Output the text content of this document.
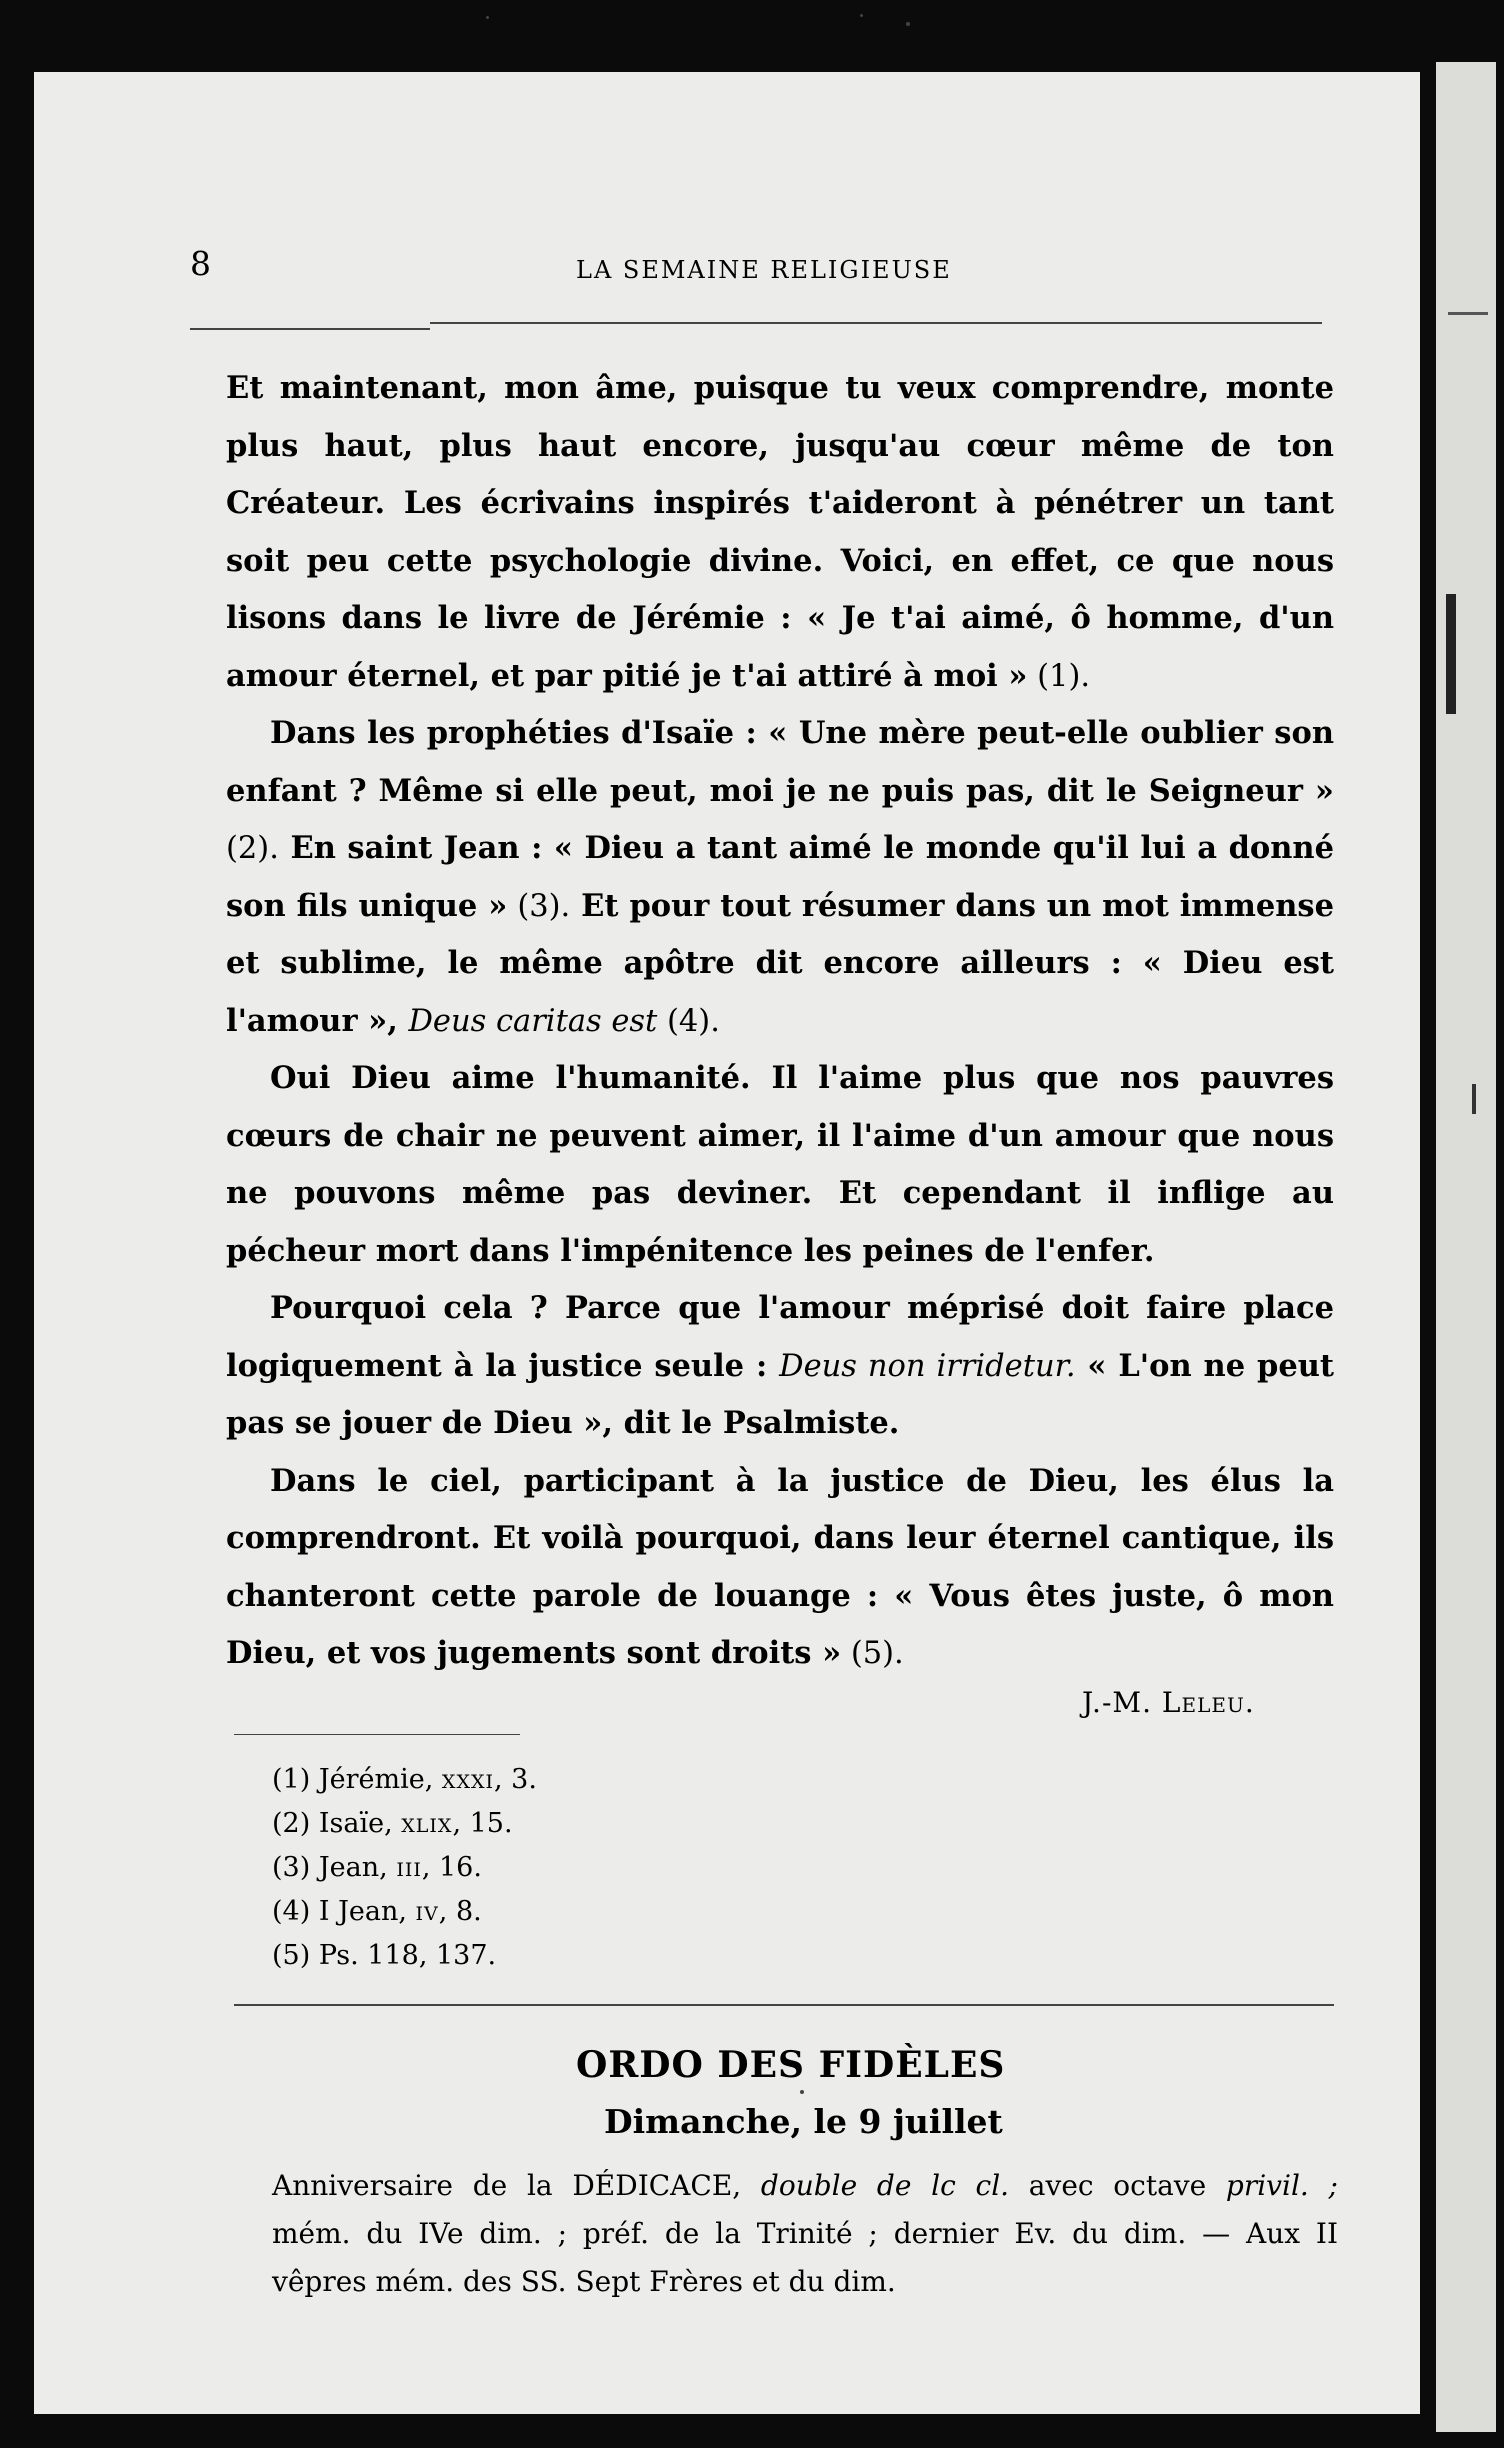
8	LA SEMAINE RELIGIEUSE

Et maintenant, mon âme, puisque tu veux comprendre, monte plus haut, plus haut encore, jusqu'au cœur même de ton Créateur. Les écrivains inspirés t'aideront à pénétrer un tant soit peu cette psychologie divine. Voici, en effet, ce que nous lisons dans le livre de Jérémie : « Je t'ai aimé, ô homme, d'un amour éternel, et par pitié je t'ai attiré à moi » (1).

Dans les prophéties d'Isaïe : « Une mère peut-elle oublier son enfant ? Même si elle peut, moi je ne puis pas, dit le Seigneur » (2). En saint Jean : « Dieu a tant aimé le monde qu'il lui a donné son fils unique » (3). Et pour tout résumer dans un mot immense et sublime, le même apôtre dit encore ailleurs : « Dieu est l'amour », Deus caritas est (4).

Oui Dieu aime l'humanité. Il l'aime plus que nos pauvres cœurs de chair ne peuvent aimer, il l'aime d'un amour que nous ne pouvons même pas deviner. Et cependant il inflige au pécheur mort dans l'impénitence les peines de l'enfer.

Pourquoi cela ? Parce que l'amour méprisé doit faire place logiquement à la justice seule : Deus non irridetur. « L'on ne peut pas se jouer de Dieu », dit le Psalmiste.

Dans le ciel, participant à la justice de Dieu, les élus la comprendront. Et voilà pourquoi, dans leur éternel cantique, ils chanteront cette parole de louange : « Vous êtes juste, ô mon Dieu, et vos jugements sont droits » (5).

J.-M. Leleu.
(1) Jérémie, xxxi, 3.
(2) Isaïe, xlix, 15.
(3) Jean, iii, 16.
(4) I Jean, iv, 8.
(5) Ps. 118, 137.
ORDO DES FIDÈLES
Dimanche, le 9 juillet
Anniversaire de la DÉDICACE, double de lc cl. avec octave privil. ;
mém. du IVe dim. ; préf. de la Trinité ; dernier Ev. du dim. — Aux II
vêpres mém. des SS. Sept Frères et du dim.
